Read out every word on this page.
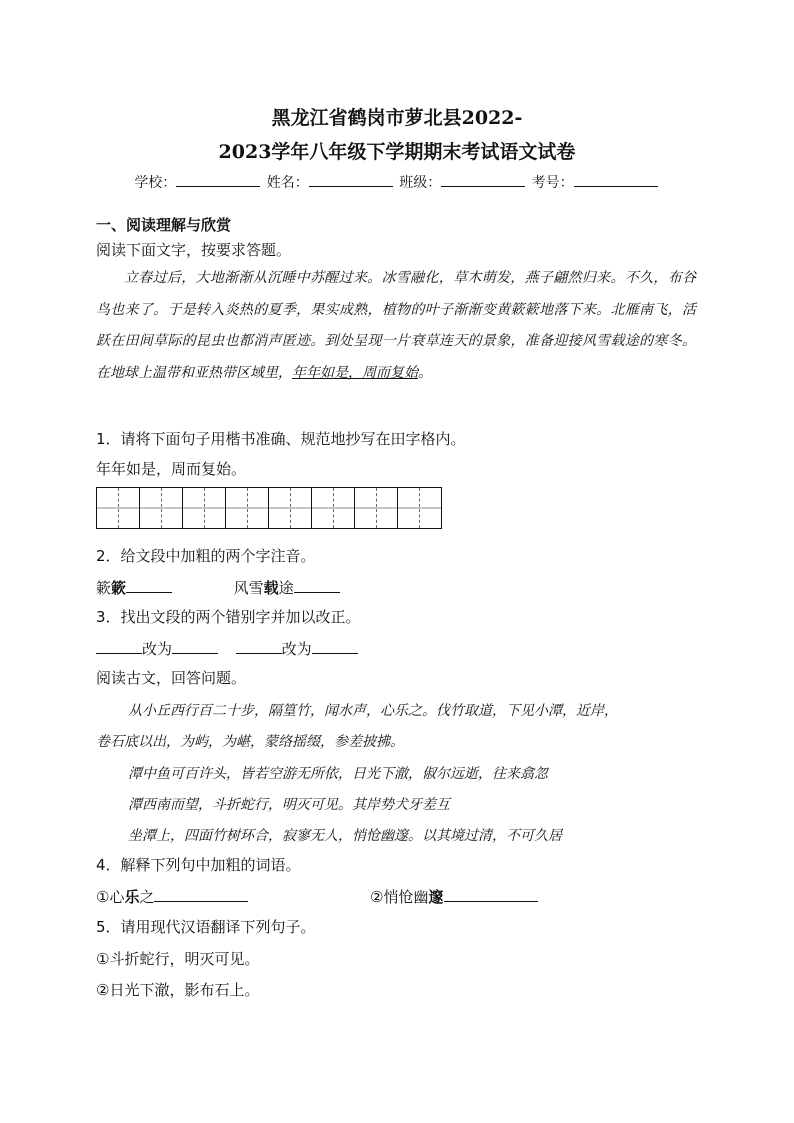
黑龙江省鹤岗市萝北县2022-
2023学年八年级下学期期末考试语文试卷
学校：	姓名：	班级：	考号：
一、阅读理解与欣赏
阅读下面文字，按要求答题。

立春过后，大地渐渐从沉睡中苏醒过来。冰雪融化，草木萌发，燕子翩然归来。不久，布谷鸟也来了。于是转入炎热的夏季，果实成熟，植物的叶子渐渐变黄簌簌地落下来。北雁南飞，活跃在田间草际的昆虫也都消声匿迹。到处呈现一片衰草连天的景象，准备迎接风雪载途的寒冬。在地球上温带和亚热带区域里，年年如是，周而复始。

1．请将下面句子用楷书准确、规范地抄写在田字格内。
年年如是，周而复始。
2．给文段中加粗的两个字注音。
簌簌	风雪载途
3．找出文段的两个错别字并加以改正。
改为	改为
阅读古文，回答问题。
从小丘西行百二十步，隔篁竹，闻水声，心乐之。伐竹取道，下见小潭，近岸，
卷石底以出，为屿，为嵁，蒙络摇缀，参差披拂。
潭中鱼可百许头，皆若空游无所依，日光下澈，俶尔远逝，往来翕忽
潭西南而望，斗折蛇行，明灭可见。其岸势犬牙差互
坐潭上，四面竹树环合，寂寥无人，悄怆幽邃。以其境过清，不可久居
4．解释下列句中加粗的词语。
①心乐之	②悄怆幽邃
5．请用现代汉语翻译下列句子。
①斗折蛇行，明灭可见。
②日光下澈，影布石上。
